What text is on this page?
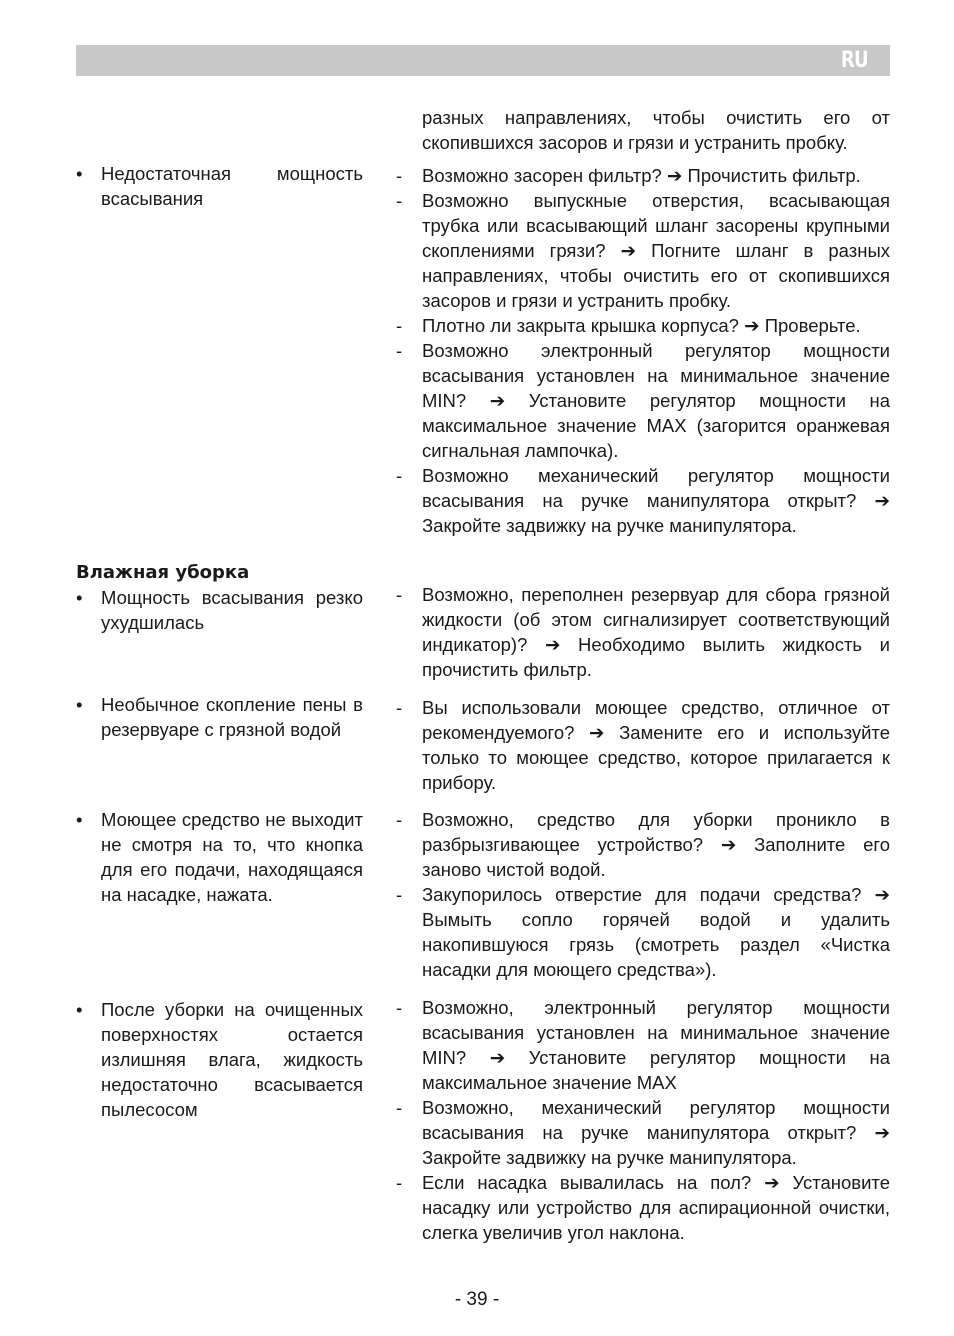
RU
разных направлениях, чтобы очистить его от скопившихся засоров и грязи и устранить пробку.
• Недостаточная мощность всасывания
- Возможно засорен фильтр? ➔ Прочистить фильтр.
- Возможно выпускные отверстия, всасывающая трубка или всасывающий шланг засорены крупными скоплениями грязи? ➔ Погните шланг в разных направлениях, чтобы очистить его от скопившихся засоров и грязи и устранить пробку.
- Плотно ли закрыта крышка корпуса? ➔ Проверьте.
- Возможно электронный регулятор мощности всасывания установлен на минимальное значение MIN? ➔ Установите регулятор мощности на максимальное значение MAX (загорится оранжевая сигнальная лампочка).
- Возможно механический регулятор мощности всасывания на ручке манипулятора открыт? ➔ Закройте задвижку на ручке манипулятора.
Влажная уборка
• Мощность всасывания резко ухудшилась
- Возможно, переполнен резервуар для сбора грязной жидкости (об этом сигнализирует соответствующий индикатор)? ➔ Необходимо вылить жидкость и прочистить фильтр.
• Необычное скопление пены в резервуаре с грязной водой
- Вы использовали моющее средство, отличное от рекомендуемого? ➔ Замените его и используйте только то моющее средство, которое прилагается к прибору.
• Моющее средство не выходит не смотря на то, что кнопка для его подачи, находящаяся на насадке, нажата.
- Возможно, средство для уборки проникло в разбрызгивающее устройство? ➔ Заполните его заново чистой водой.
- Закупорилось отверстие для подачи средства? ➔ Вымыть сопло горячей водой и удалить накопившуюся грязь (смотреть раздел «Чистка насадки для моющего средства»).
• После уборки на очищенных поверхностях остается излишняя влага, жидкость недостаточно всасывается пылесосом
- Возможно, электронный регулятор мощности всасывания установлен на минимальное значение MIN? ➔ Установите регулятор мощности на максимальное значение MAX
- Возможно, механический регулятор мощности всасывания на ручке манипулятора открыт? ➔ Закройте задвижку на ручке манипулятора.
- Если насадка вывалилась на пол? ➔ Установите насадку или устройство для аспирационной очистки, слегка увеличив угол наклона.
- 39 -
